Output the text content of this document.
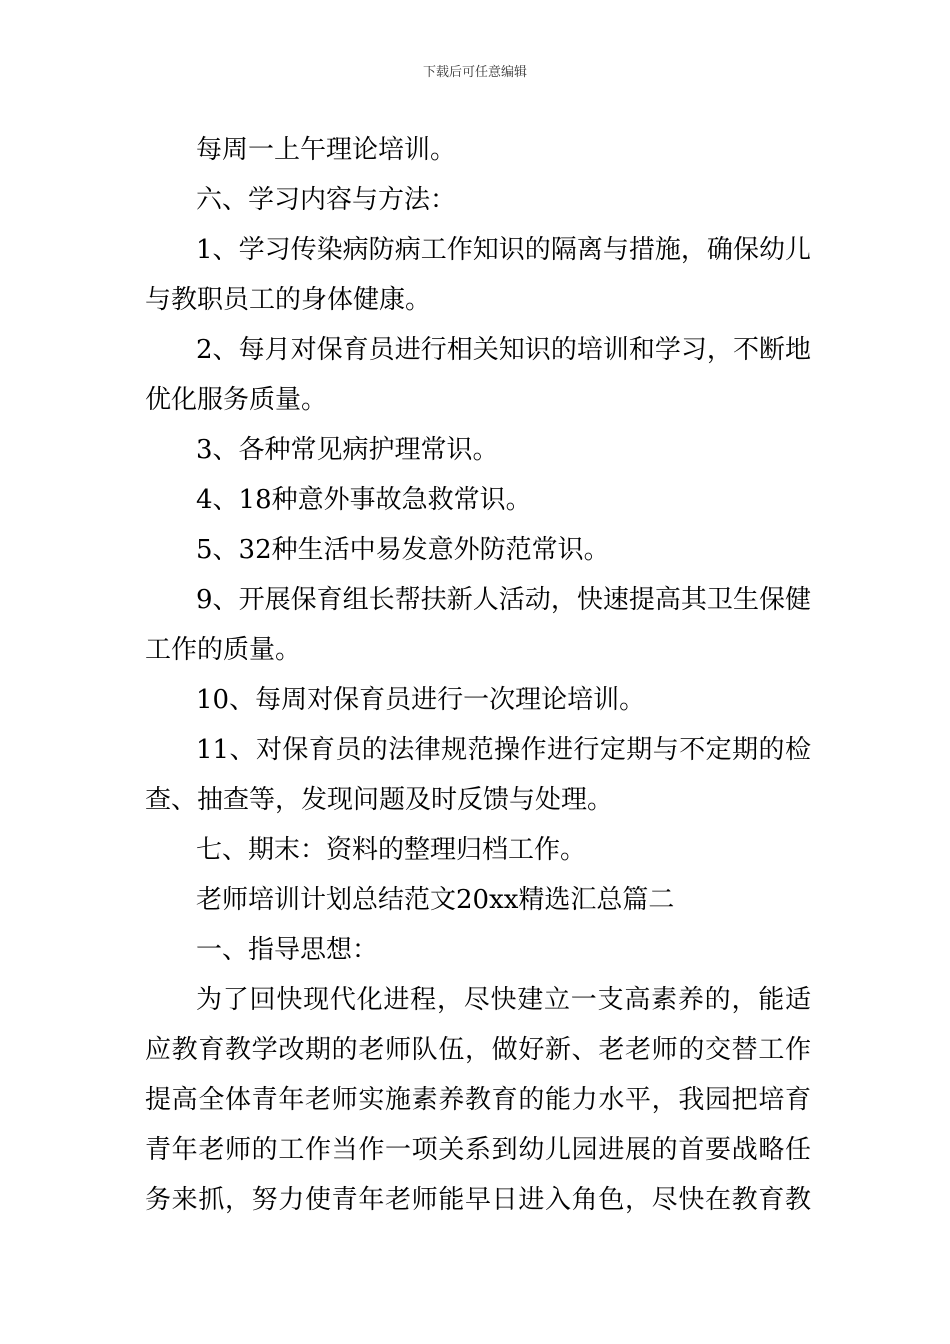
下载后可任意编辑
每周一上午理论培训。
六、学习内容与方法：
1、学习传染病防病工作知识的隔离与措施，确保幼儿
与教职员工的身体健康。
2、每月对保育员进行相关知识的培训和学习，不断地
优化服务质量。
3、各种常见病护理常识。
4、18种意外事故急救常识。
5、32种生活中易发意外防范常识。
9、开展保育组长帮扶新人活动，快速提高其卫生保健
工作的质量。
10、每周对保育员进行一次理论培训。
11、对保育员的法律规范操作进行定期与不定期的检
查、抽查等，发现问题及时反馈与处理。
七、期末：资料的整理归档工作。
老师培训计划总结范文20xx精选汇总篇二
一、指导思想：
为了回快现代化进程，尽快建立一支高素养的，能适
应教育教学改期的老师队伍，做好新、老老师的交替工作
提高全体青年老师实施素养教育的能力水平，我园把培育
青年老师的工作当作一项关系到幼儿园进展的首要战略任
务来抓，努力使青年老师能早日进入角色，尽快在教育教
